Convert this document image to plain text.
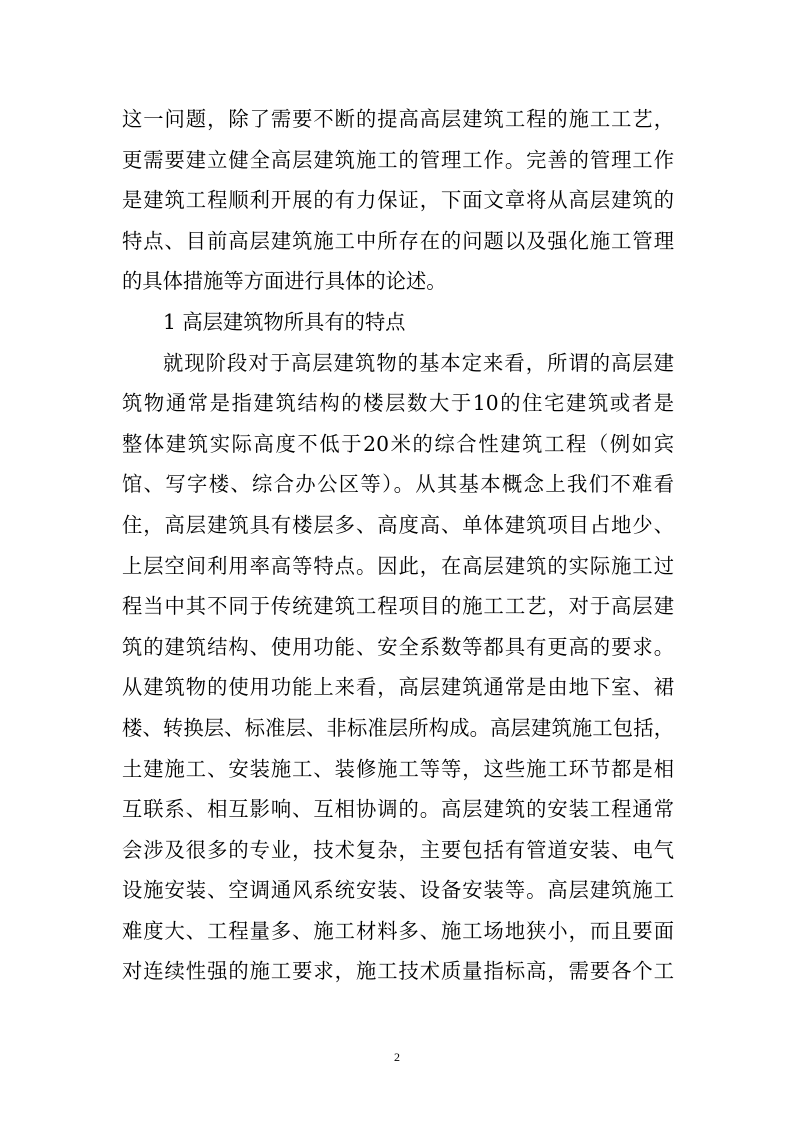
这一问题，除了需要不断的提高高层建筑工程的施工工艺，
更需要建立健全高层建筑施工的管理工作。完善的管理工作
是建筑工程顺利开展的有力保证，下面文章将从高层建筑的
特点、目前高层建筑施工中所存在的问题以及强化施工管理
的具体措施等方面进行具体的论述。
1 高层建筑物所具有的特点
就现阶段对于高层建筑物的基本定来看，所谓的高层建
筑物通常是指建筑结构的楼层数大于10的住宅建筑或者是
整体建筑实际高度不低于20米的综合性建筑工程（例如宾
馆、写字楼、综合办公区等）。从其基本概念上我们不难看
住，高层建筑具有楼层多、高度高、单体建筑项目占地少、
上层空间利用率高等特点。因此，在高层建筑的实际施工过
程当中其不同于传统建筑工程项目的施工工艺，对于高层建
筑的建筑结构、使用功能、安全系数等都具有更高的要求。
从建筑物的使用功能上来看，高层建筑通常是由地下室、裙
楼、转换层、标准层、非标准层所构成。高层建筑施工包括，
土建施工、安装施工、装修施工等等，这些施工环节都是相
互联系、相互影响、互相协调的。高层建筑的安装工程通常
会涉及很多的专业，技术复杂，主要包括有管道安装、电气
设施安装、空调通风系统安装、设备安装等。高层建筑施工
难度大、工程量多、施工材料多、施工场地狭小，而且要面
对连续性强的施工要求，施工技术质量指标高，需要各个工
2
